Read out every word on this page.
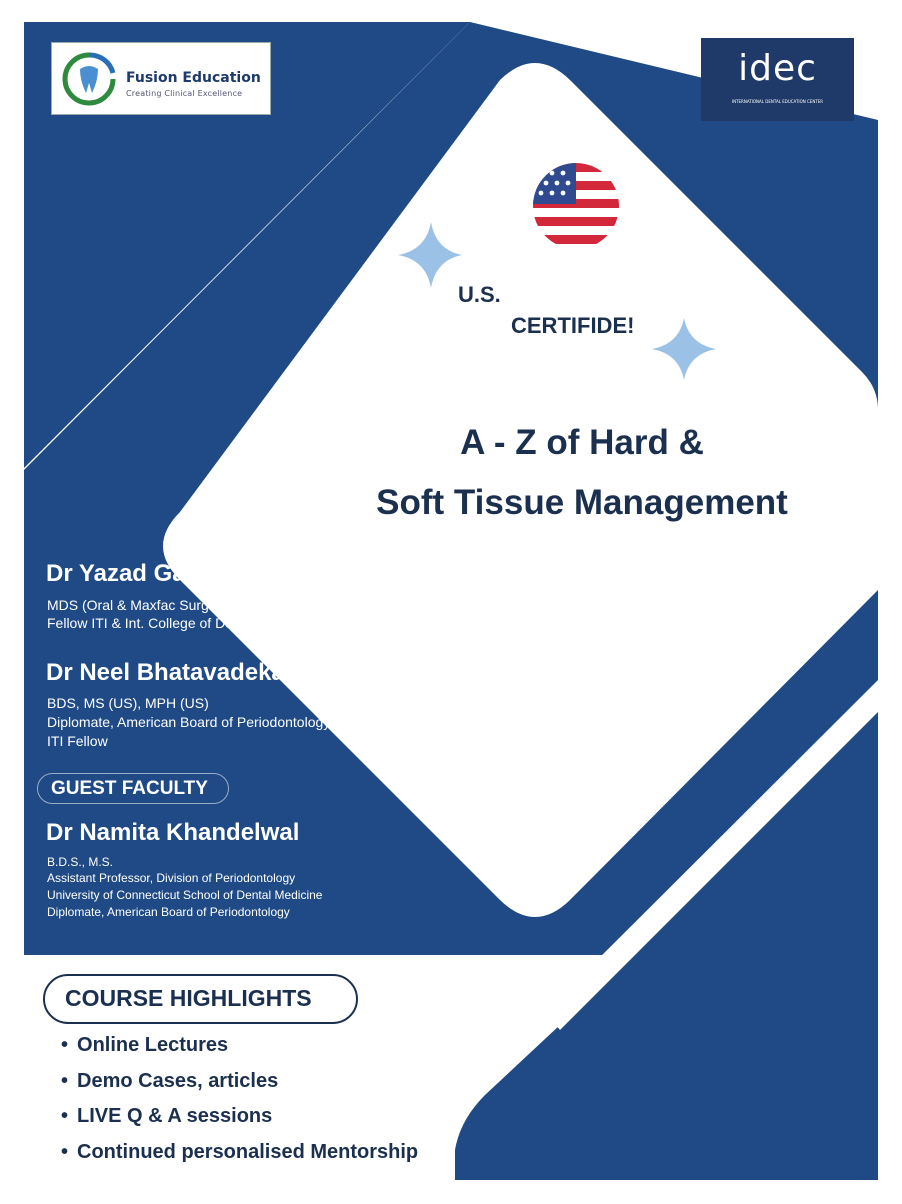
Fusion Education
Creating Clinical Excellence
idec
INTERNATIONAL DENTAL EDUCATION CENTER
U.S.
CERTIFIDE!
A - Z of Hard &
Soft Tissue Management
Dr Yazad Gandhi
MDS (Oral & Maxfac Surgeon)
Fellow ITI & Int. College of Dentists
Dr Neel Bhatavadekar
BDS, MS (US), MPH (US)
Diplomate, American Board of Periodontology
ITI Fellow
GUEST FACULTY
Dr Namita Khandelwal
B.D.S., M.S.
Assistant Professor, Division of Periodontology
University of Connecticut School of Dental Medicine
Diplomate, American Board of Periodontology
COURSE HIGHLIGHTS
• Online Lectures
• Demo Cases, articles
• LIVE Q & A sessions
• Continued personalised Mentorship
